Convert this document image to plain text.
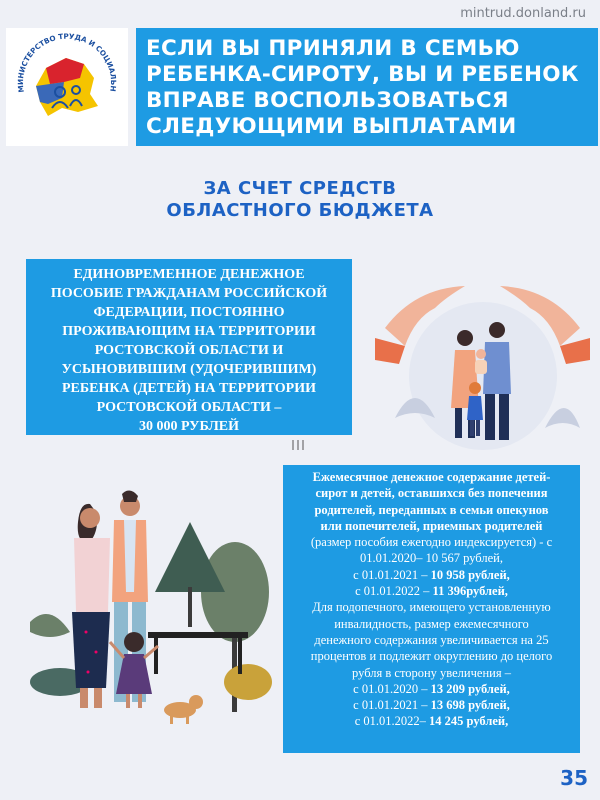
mintrud.donland.ru
МИНИСТЕРСТВО ТРУДА И СОЦИАЛЬН
ЕСЛИ ВЫ ПРИНЯЛИ В СЕМЬЮ
РЕБЕНКА-СИРОТУ, ВЫ И РЕБЕНОК
ВПРАВЕ ВОСПОЛЬЗОВАТЬСЯ
СЛЕДУЮЩИМИ ВЫПЛАТАМИ
ЗА СЧЕТ СРЕДСТВ
ОБЛАСТНОГО БЮДЖЕТА
ЕДИНОВРЕМЕННОЕ ДЕНЕЖНОЕ
ПОСОБИЕ ГРАЖДАНАМ РОССИЙСКОЙ
ФЕДЕРАЦИИ, ПОСТОЯННО
ПРОЖИВАЮЩИМ НА ТЕРРИТОРИИ
РОСТОВСКОЙ ОБЛАСТИ И
УСЫНОВИВШИМ (УДОЧЕРИВШИМ)
РЕБЕНКА (ДЕТЕЙ) НА ТЕРРИТОРИИ
РОСТОВСКОЙ ОБЛАСТИ –
30 000 РУБЛЕЙ
Ежемесячное денежное содержание детей-
сирот и детей, оставшихся без попечения
родителей, переданных в семьи опекунов
или попечителей, приемных родителей
(размер пособия ежегодно индексируется) - с
01.01.2020– 10 567 рублей,
с 01.01.2021 – 10 958 рублей,
с 01.01.2022 – 11 396рублей,
Для подопечного, имеющего установленную
инвалидность, размер ежемесячного
денежного содержания увеличивается на 25
процентов и подлежит округлению до целого
рубля в сторону увеличения –
с 01.01.2020 – 13 209 рублей,
с 01.01.2021 – 13 698 рублей,
с 01.01.2022– 14 245 рублей,
35
